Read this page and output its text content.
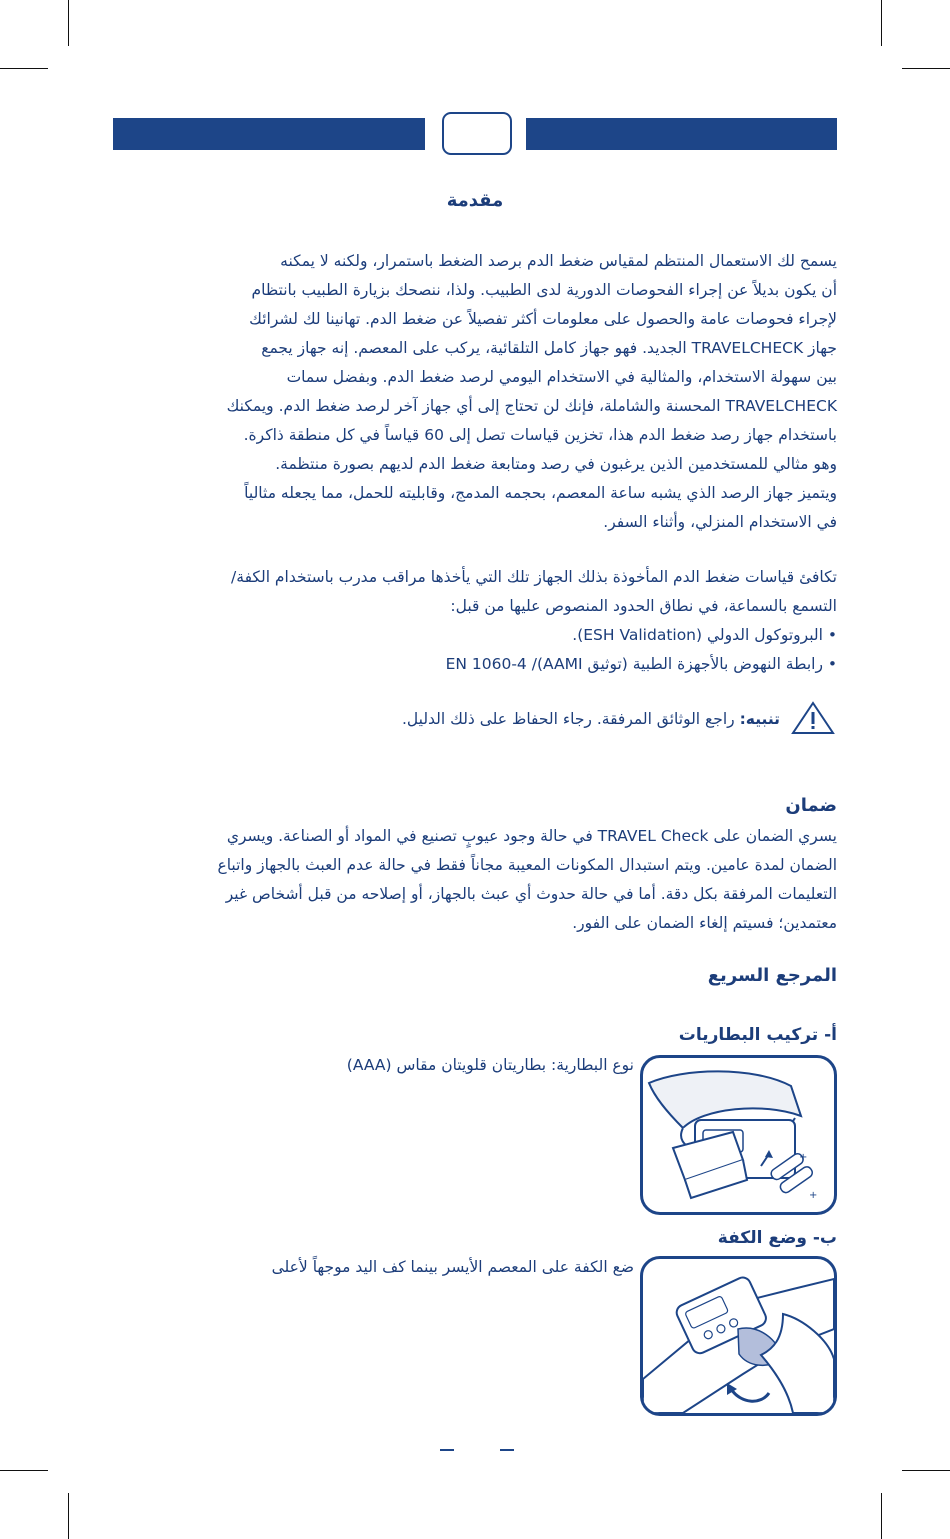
مقدمة

يسمح لك الاستعمال المنتظم لمقياس ضغط الدم برصد الضغط باستمرار، ولكنه لا يمكنه

أن يكون بديلاً عن إجراء الفحوصات الدورية لدى الطبيب. ولذا، ننصحك بزيارة الطبيب بانتظام

لإجراء فحوصات عامة والحصول على معلومات أكثر تفصيلاً عن ضغط الدم. تهانينا لك لشرائك

جهاز TRAVELCHECK الجديد. فهو جهاز كامل التلقائية، يركب على المعصم. إنه جهاز يجمع

بين سهولة الاستخدام، والمثالية في الاستخدام اليومي لرصد ضغط الدم. وبفضل سمات

TRAVELCHECK المحسنة والشاملة، فإنك لن تحتاج إلى أي جهاز آخر لرصد ضغط الدم. ويمكنك

باستخدام جهاز رصد ضغط الدم هذا، تخزين قياسات تصل إلى 60 قياساً في كل منطقة ذاكرة.

وهو مثالي للمستخدمين الذين يرغبون في رصد ومتابعة ضغط الدم لديهم بصورة منتظمة.

ويتميز جهاز الرصد الذي يشبه ساعة المعصم، بحجمه المدمج، وقابليته للحمل، مما يجعله مثالياً

في الاستخدام المنزلي، وأثناء السفر.

تكافئ قياسات ضغط الدم المأخوذة بذلك الجهاز تلك التي يأخذها مراقب مدرب باستخدام الكفة/

التسمع بالسماعة، في نطاق الحدود المنصوص عليها من قبل:

• البروتوكول الدولي (ESH Validation).

• رابطة النهوض بالأجهزة الطبية (توثيق AAMI)/ EN 1060-4

تنبيه: راجع الوثائق المرفقة. رجاء الحفاظ على ذلك الدليل.
ضمان

يسري الضمان على TRAVEL Check في حالة وجود عيوبٍ تصنيع في المواد أو الصناعة. ويسري

الضمان لمدة عامين. ويتم استبدال المكونات المعيبة مجاناً فقط في حالة عدم العبث بالجهاز واتباع

التعليمات المرفقة بكل دقة. أما في حالة حدوث أي عبث بالجهاز، أو إصلاحه من قبل أشخاص غير

معتمدين؛ فسيتم إلغاء الضمان على الفور.

المرجع السريع
أ- تركيب البطاريات
نوع البطارية: بطاريتان قلويتان مقاس (AAA)
+
+
ب- وضع الكفة
ضع الكفة على المعصم الأيسر بينما كف اليد موجهاً لأعلى
